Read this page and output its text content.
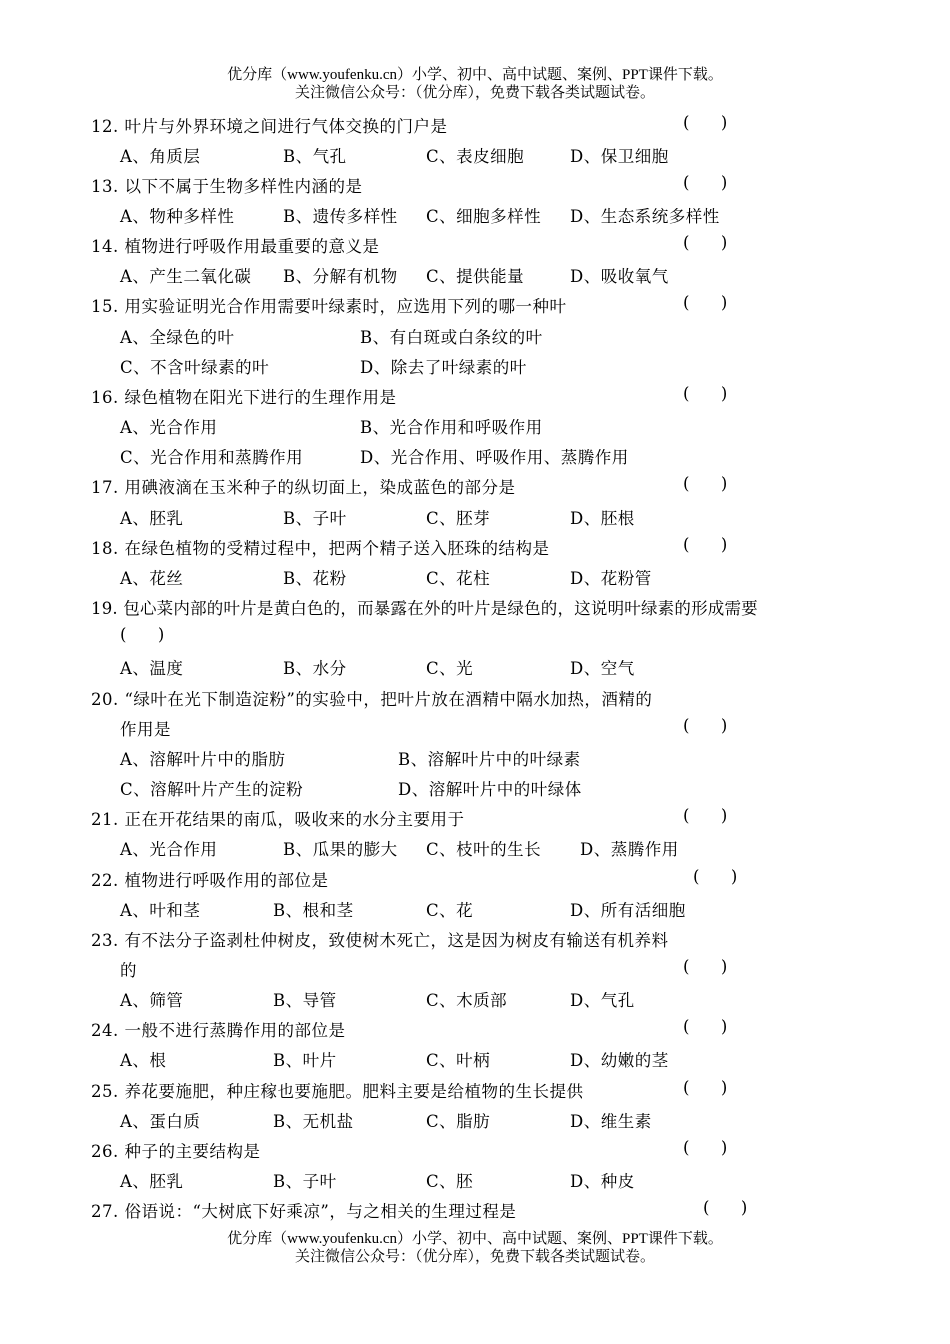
优分库（www.youfenku.cn）小学、初中、高中试题、案例、PPT课件下载。
关注微信公众号：（优分库），免费下载各类试题试卷。
12. 叶片与外界环境之间进行气体交换的门户是	(      )
A、角质层	B、气孔	C、表皮细胞	D、保卫细胞
13. 以下不属于生物多样性内涵的是	(      )
A、物种多样性	B、遗传多样性 C、细胞多样性 D、生态系统多样性
14. 植物进行呼吸作用最重要的意义是	(      )
A、产生二氧化碳 B、分解有机物 C、提供能量	D、吸收氧气
15. 用实验证明光合作用需要叶绿素时，应选用下列的哪一种叶	(      )
A、全绿色的叶	B、有白斑或白条纹的叶
C、不含叶绿素的叶	D、除去了叶绿素的叶
16. 绿色植物在阳光下进行的生理作用是	(      )
A、光合作用	B、光合作用和呼吸作用
C、光合作用和蒸腾作用	D、光合作用、呼吸作用、蒸腾作用
17. 用碘液滴在玉米种子的纵切面上，染成蓝色的部分是	(      )
A、胚乳	B、子叶	C、胚芽	D、胚根
18. 在绿色植物的受精过程中，把两个精子送入胚珠的结构是	(      )
A、花丝	B、花粉	C、花柱	D、花粉管
19. 包心菜内部的叶片是黄白色的，而暴露在外的叶片是绿色的，这说明叶绿素的形成需要
(      )
A、温度	B、水分	C、光	D、空气
20. “绿叶在光下制造淀粉”的实验中，把叶片放在酒精中隔水加热，酒精的
作用是	(      )
A、溶解叶片中的脂肪	B、溶解叶片中的叶绿素
C、溶解叶片产生的淀粉	D、溶解叶片中的叶绿体
21. 正在开花结果的南瓜，吸收来的水分主要用于	(      )
A、光合作用	B、瓜果的膨大 C、枝叶的生长 D、蒸腾作用
22. 植物进行呼吸作用的部位是	(      )
A、叶和茎	B、根和茎	C、花	D、所有活细胞
23. 有不法分子盗剥杜仲树皮，致使树木死亡，这是因为树皮有输送有机养料
的	(      )
A、筛管	B、导管	C、木质部	D、气孔
24. 一般不进行蒸腾作用的部位是	(      )
A、根	B、叶片	C、叶柄	D、幼嫩的茎
25. 养花要施肥，种庄稼也要施肥。肥料主要是给植物的生长提供	(      )
A、蛋白质	B、无机盐	C、脂肪	D、维生素
26. 种子的主要结构是	(      )
A、胚乳	B、子叶	C、胚	D、种皮
27. 俗语说：“大树底下好乘凉”，与之相关的生理过程是	(      )
优分库（www.youfenku.cn）小学、初中、高中试题、案例、PPT课件下载。
关注微信公众号：（优分库），免费下载各类试题试卷。
